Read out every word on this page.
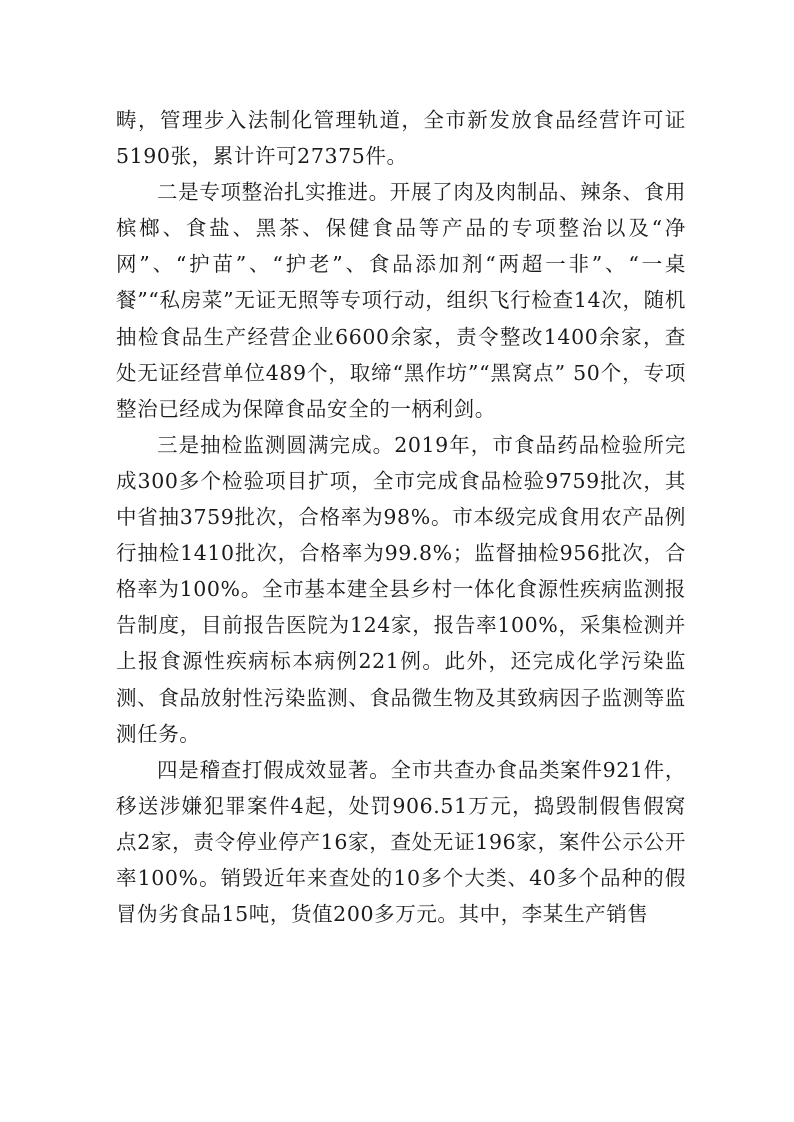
畴，管理步入法制化管理轨道，全市新发放食品经营许可证5190张，累计许可27375件。

二是专项整治扎实推进。开展了肉及肉制品、辣条、食用槟榔、食盐、黑茶、保健食品等产品的专项整治以及“净网”、“护苗”、“护老”、食品添加剂“两超一非”、“一桌餐”“私房菜”无证无照等专项行动，组织飞行检查14次，随机抽检食品生产经营企业6600余家，责令整改1400余家，查处无证经营单位489个，取缔“黑作坊”“黑窝点” 50个，专项整治已经成为保障食品安全的一柄利剑。

三是抽检监测圆满完成。2019年，市食品药品检验所完成300多个检验项目扩项，全市完成食品检验9759批次，其中省抽3759批次，合格率为98%。市本级完成食用农产品例行抽检1410批次，合格率为99.8%；监督抽检956批次，合格率为100%。全市基本建全县乡村一体化食源性疾病监测报告制度，目前报告医院为124家，报告率100%，采集检测并上报食源性疾病标本病例221例。此外，还完成化学污染监测、食品放射性污染监测、食品微生物及其致病因子监测等监测任务。

四是稽查打假成效显著。全市共查办食品类案件921件，移送涉嫌犯罪案件4起，处罚906.51万元，捣毁制假售假窝点2家，责令停业停产16家，查处无证196家，案件公示公开率100%。销毁近年来查处的10多个大类、40多个品种的假冒伪劣食品15吨，货值200多万元。其中，李某生产销售
